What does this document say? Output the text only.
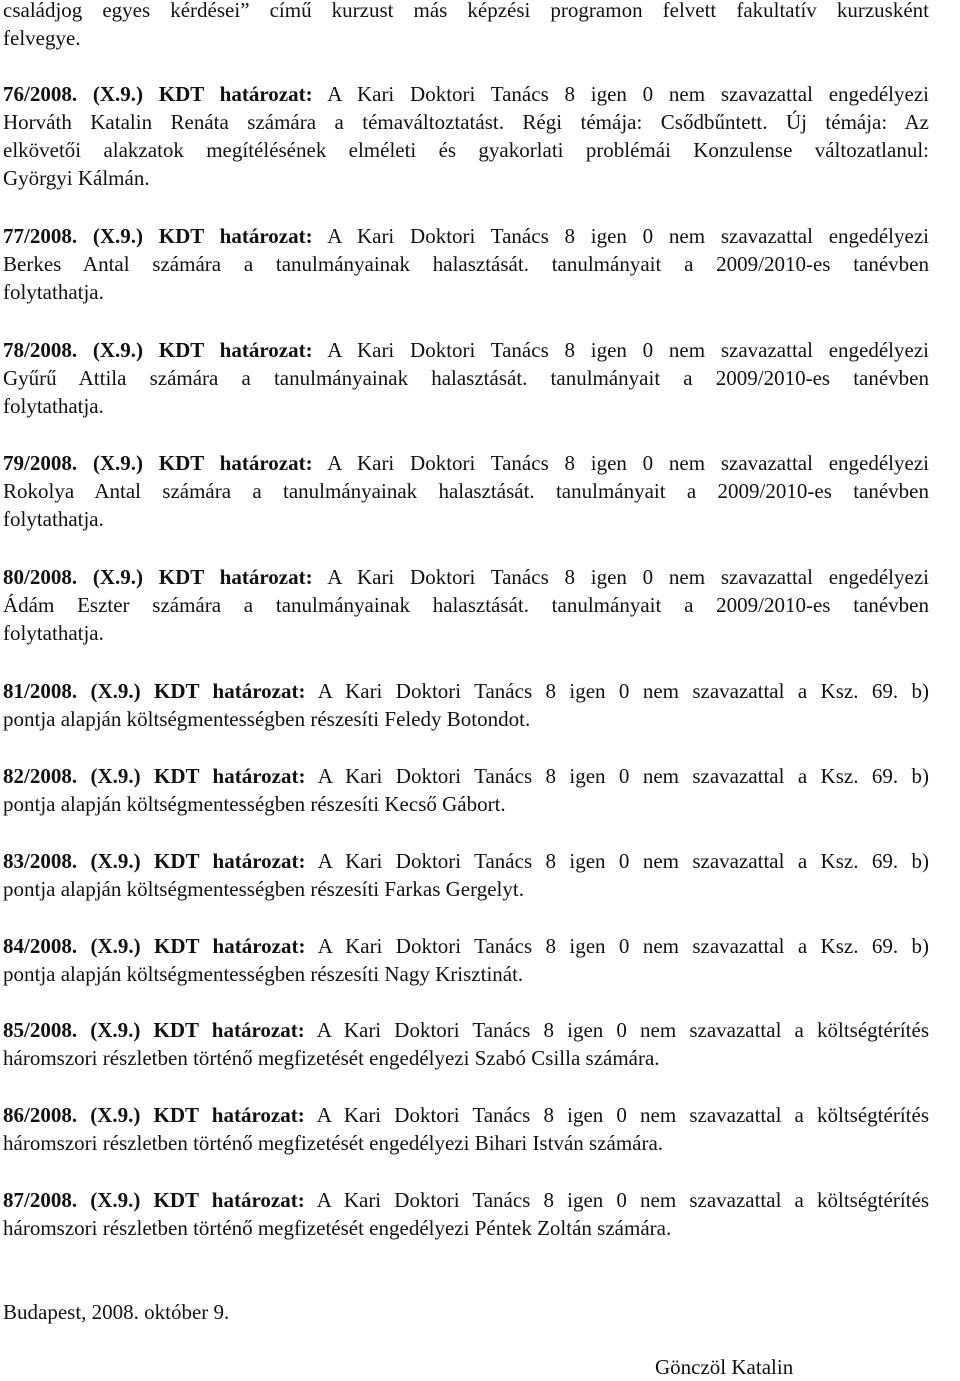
családjog egyes kérdései” című kurzust más képzési programon felvett fakultatív kurzusként
felvegye.
76/2008. (X.9.) KDT határozat: A Kari Doktori Tanács 8 igen 0 nem szavazattal engedélyezi
Horváth Katalin Renáta számára a témaváltoztatást. Régi témája: Csődbűntett. Új témája: Az
elkövetői alakzatok megítélésének elméleti és gyakorlati problémái Konzulense változatlanul:
Györgyi Kálmán.
77/2008. (X.9.) KDT határozat: A Kari Doktori Tanács 8 igen 0 nem szavazattal engedélyezi
Berkes Antal számára a tanulmányainak halasztását. tanulmányait a 2009/2010-es tanévben
folytathatja.
78/2008. (X.9.) KDT határozat: A Kari Doktori Tanács 8 igen 0 nem szavazattal engedélyezi
Gyűrű Attila számára a tanulmányainak halasztását. tanulmányait a 2009/2010-es tanévben
folytathatja.
79/2008. (X.9.) KDT határozat: A Kari Doktori Tanács 8 igen 0 nem szavazattal engedélyezi
Rokolya Antal számára a tanulmányainak halasztását. tanulmányait a 2009/2010-es tanévben
folytathatja.
80/2008. (X.9.) KDT határozat: A Kari Doktori Tanács 8 igen 0 nem szavazattal engedélyezi
Ádám Eszter számára a tanulmányainak halasztását. tanulmányait a 2009/2010-es tanévben
folytathatja.
81/2008. (X.9.) KDT határozat: A Kari Doktori Tanács 8 igen 0 nem szavazattal a Ksz. 69. b)
pontja alapján költségmentességben részesíti Feledy Botondot.
82/2008. (X.9.) KDT határozat: A Kari Doktori Tanács 8 igen 0 nem szavazattal a Ksz. 69. b)
pontja alapján költségmentességben részesíti Kecső Gábort.
83/2008. (X.9.) KDT határozat: A Kari Doktori Tanács 8 igen 0 nem szavazattal a Ksz. 69. b)
pontja alapján költségmentességben részesíti Farkas Gergelyt.
84/2008. (X.9.) KDT határozat: A Kari Doktori Tanács 8 igen 0 nem szavazattal a Ksz. 69. b)
pontja alapján költségmentességben részesíti Nagy Krisztinát.
85/2008. (X.9.) KDT határozat: A Kari Doktori Tanács 8 igen 0 nem szavazattal a költségtérítés
háromszori részletben történő megfizetését engedélyezi Szabó Csilla számára.
86/2008. (X.9.) KDT határozat: A Kari Doktori Tanács 8 igen 0 nem szavazattal a költségtérítés
háromszori részletben történő megfizetését engedélyezi Bihari István számára.
87/2008. (X.9.) KDT határozat: A Kari Doktori Tanács 8 igen 0 nem szavazattal a költségtérítés
háromszori részletben történő megfizetését engedélyezi Péntek Zoltán számára.
Budapest, 2008. október 9.
Gönczöl Katalin
